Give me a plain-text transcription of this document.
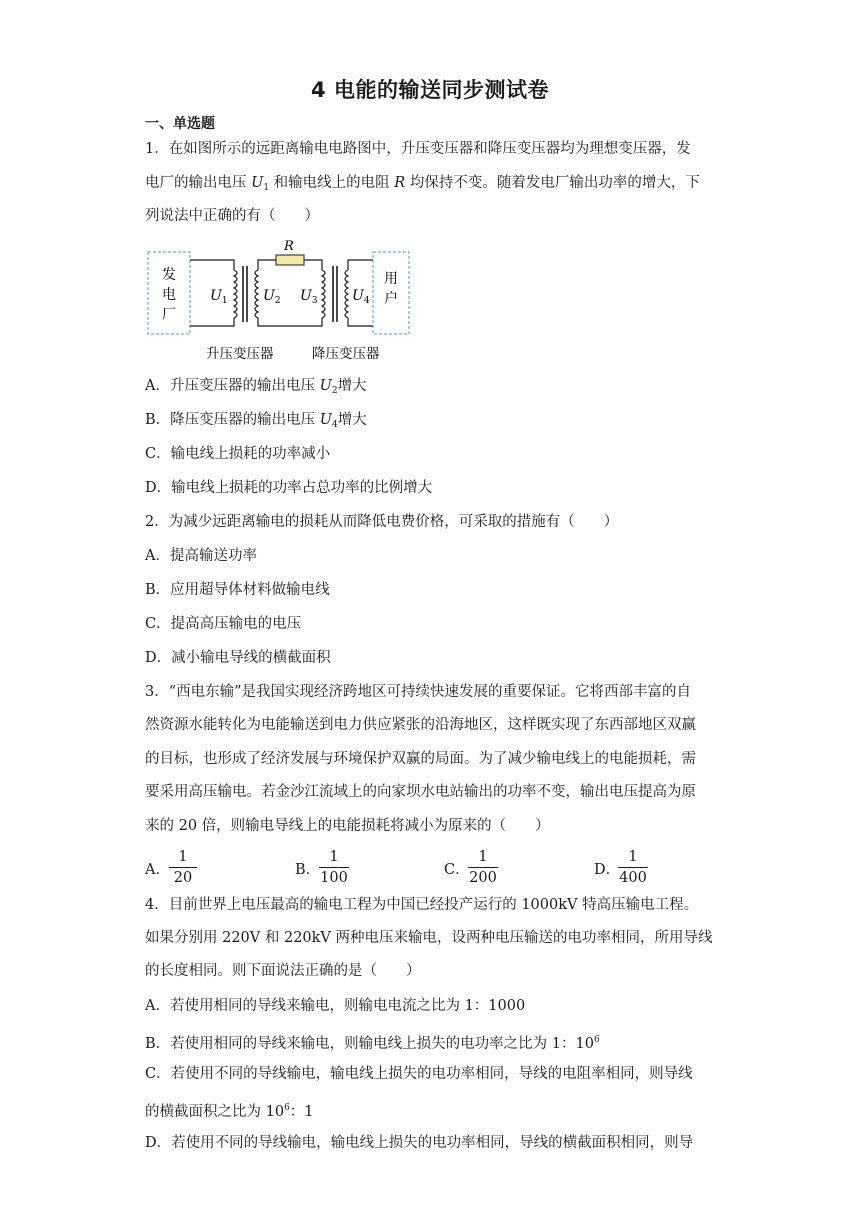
4 电能的输送同步测试卷
一、单选题
1．在如图所示的远距离输电电路图中，升压变压器和降压变压器均为理想变压器，发
电厂的输出电压 $U_1$ 和输电线上的电阻 R 均保持不变。随着发电厂输出功率的增大，下
列说法中正确的有（　　）
发
电
厂
用
户
R
$U_1$	$U_2$ $U_3$ $U_4$
升压变压器	降压变压器
A．升压变压器的输出电压 $U_2$增大
B．降压变压器的输出电压 $U_4$增大
C．输电线上损耗的功率减小
D．输电线上损耗的功率占总功率的比例增大
2．为减少远距离输电的损耗从而降低电费价格，可采取的措施有（　　）
A．提高输送功率
B．应用超导体材料做输电线
C．提高高压输电的电压
D．减小输电导线的横截面积
3．“西电东输”是我国实现经济跨地区可持续快速发展的重要保证。它将西部丰富的自
然资源水能转化为电能输送到电力供应紧张的沿海地区，这样既实现了东西部地区双赢
的目标，也形成了经济发展与环境保护双赢的局面。为了减少输电线上的电能损耗，需
要采用高压输电。若金沙江流域上的向家坝水电站输出的功率不变，输出电压提高为原
来的 20 倍，则输电导线上的电能损耗将减小为原来的（　　）
A．
1
20	B．
1
100	C．
1
200	D．
1
400
4．目前世界上电压最高的输电工程为中国已经投产运行的 1000kV 特高压输电工程。
如果分别用 220V 和 220kV 两种电压来输电，设两种电压输送的电功率相同，所用导线
的长度相同。则下面说法正确的是（　　）
A．若使用相同的导线来输电，则输电电流之比为 1：1000
B．若使用相同的导线来输电，则输电线上损失的电功率之比为 1：$10^6$
C．若使用不同的导线输电，输电线上损失的电功率相同，导线的电阻率相同，则导线
的横截面积之比为 $10^6$：1
D．若使用不同的导线输电，输电线上损失的电功率相同，导线的横截面积相同，则导
